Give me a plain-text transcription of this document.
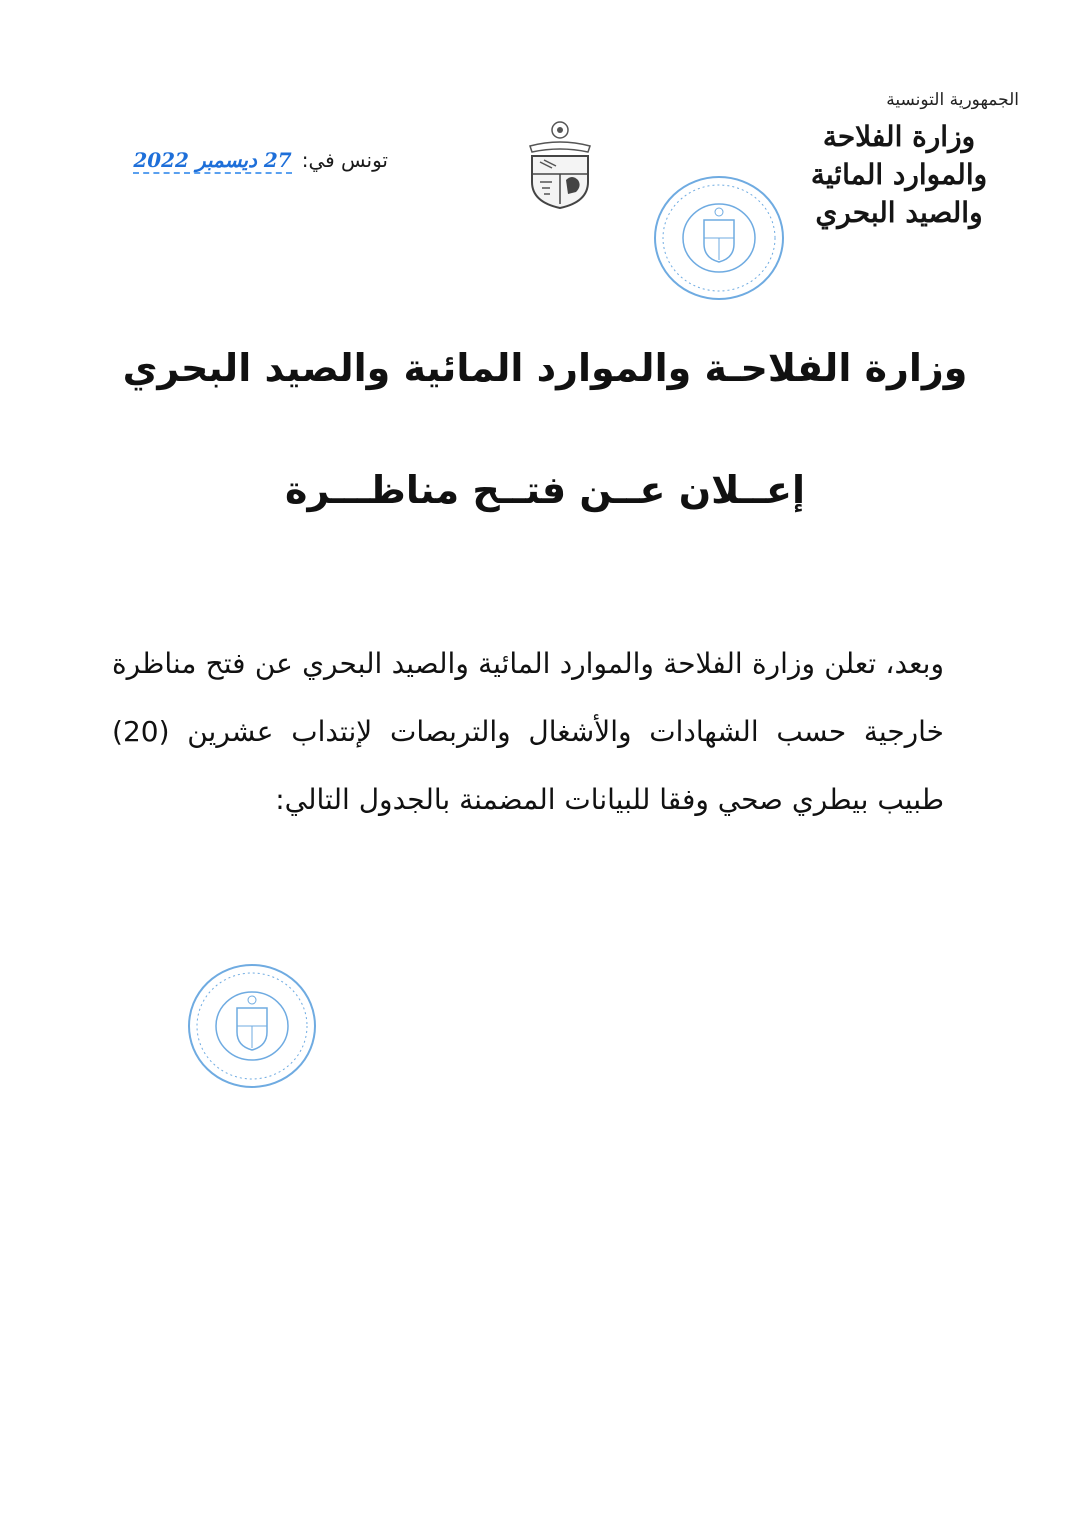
تونس في:
27 ديسمبر 2022
الجمهورية التونسية
وزارة الفلاحة
والموارد المائية والصيد البحري
وزارة الفلاحـة والموارد المائية والصيد البحري
إعــلان عــن فتــح مناظـــرة
وبعد، تعلن وزارة الفلاحة والموارد المائية والصيد البحري عن فتح مناظرة خارجية حسب الشهادات والأشغال والتربصات لإنتداب عشرين (20) طبيب بيطري صحي وفقا للبيانات المضمنة بالجدول التالي:
